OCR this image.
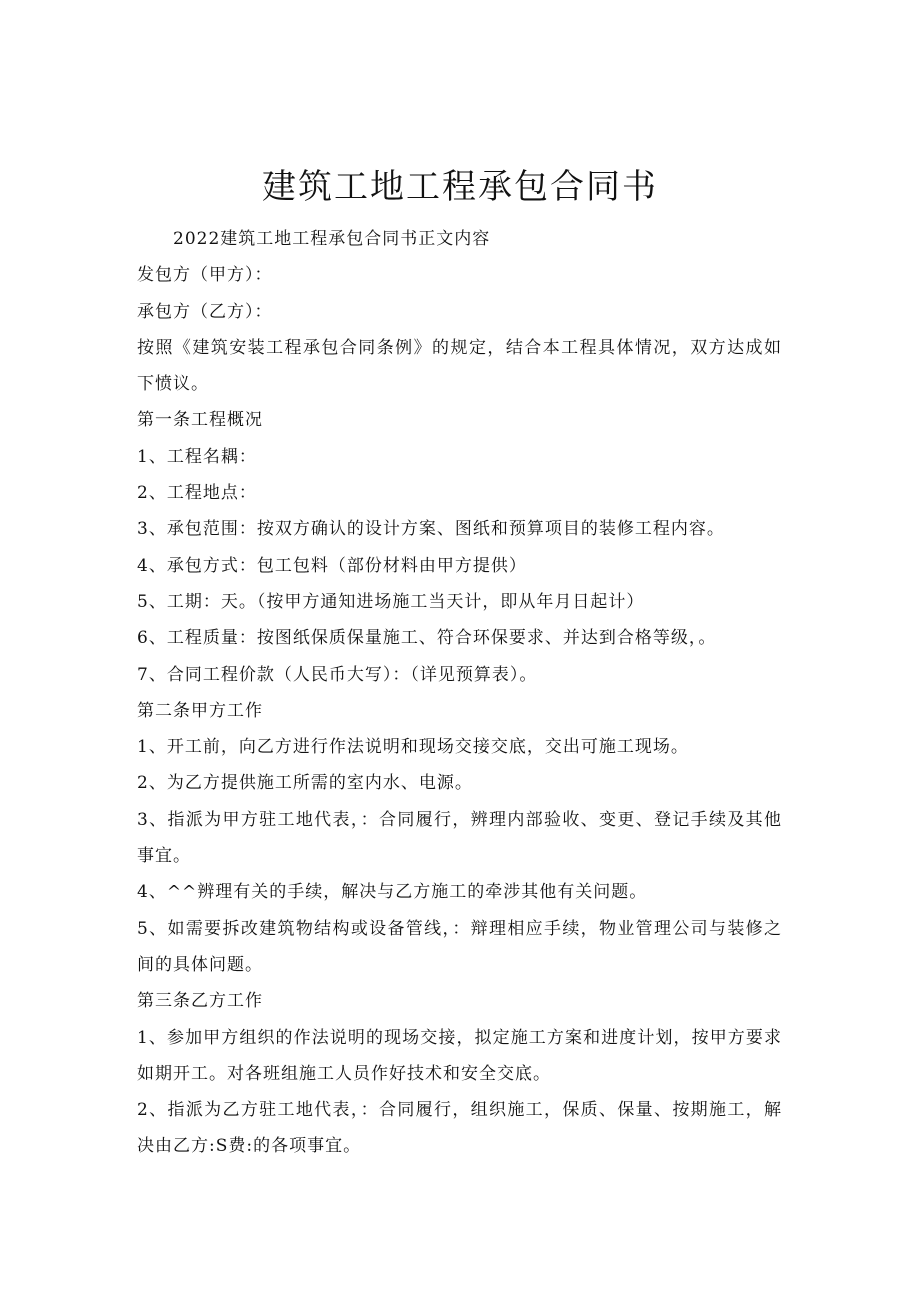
建筑工地工程承包合同书

2022建筑工地工程承包合同书正文内容

发包方（甲方）：

承包方（乙方）：

按照《建筑安装工程承包合同条例》的规定，结合本工程具体情况，双方达成如下愤议。

第一条工程概况

1、工程名耦：

2、工程地点：

3、承包范围：按双方确认的设计方案、图纸和预算项目的装修工程内容。

4、承包方式：包工包料（部份材料由甲方提供）

5、工期：天。（按甲方通知进场施工当天计，即从年月日起计）

6、工程质量：按图纸保质保量施工、符合环保要求、并达到合格等级，。

7、合同工程价款（人民币大写）：（详见预算表）。

第二条甲方工作

1、开工前，向乙方进行作法说明和现场交接交底，交出可施工现场。

2、为乙方提供施工所需的室内水、电源。

3、指派为甲方驻工地代表，：合同履行，辨理内部验收、变更、登记手续及其他事宜。

4、^^辨理有关的手续，解决与乙方施工的牵涉其他有关问题。

5、如需要拆改建筑物结构或设备管线，：辩理相应手续，物业管理公司与装修之间的具体问题。

第三条乙方工作

1、参加甲方组织的作法说明的现场交接，拟定施工方案和进度计划，按甲方要求如期开工。对各班组施工人员作好技术和安全交底。

2、指派为乙方驻工地代表，：合同履行，组织施工，保质、保量、按期施工，解决由乙方:S费:的各项事宜。
